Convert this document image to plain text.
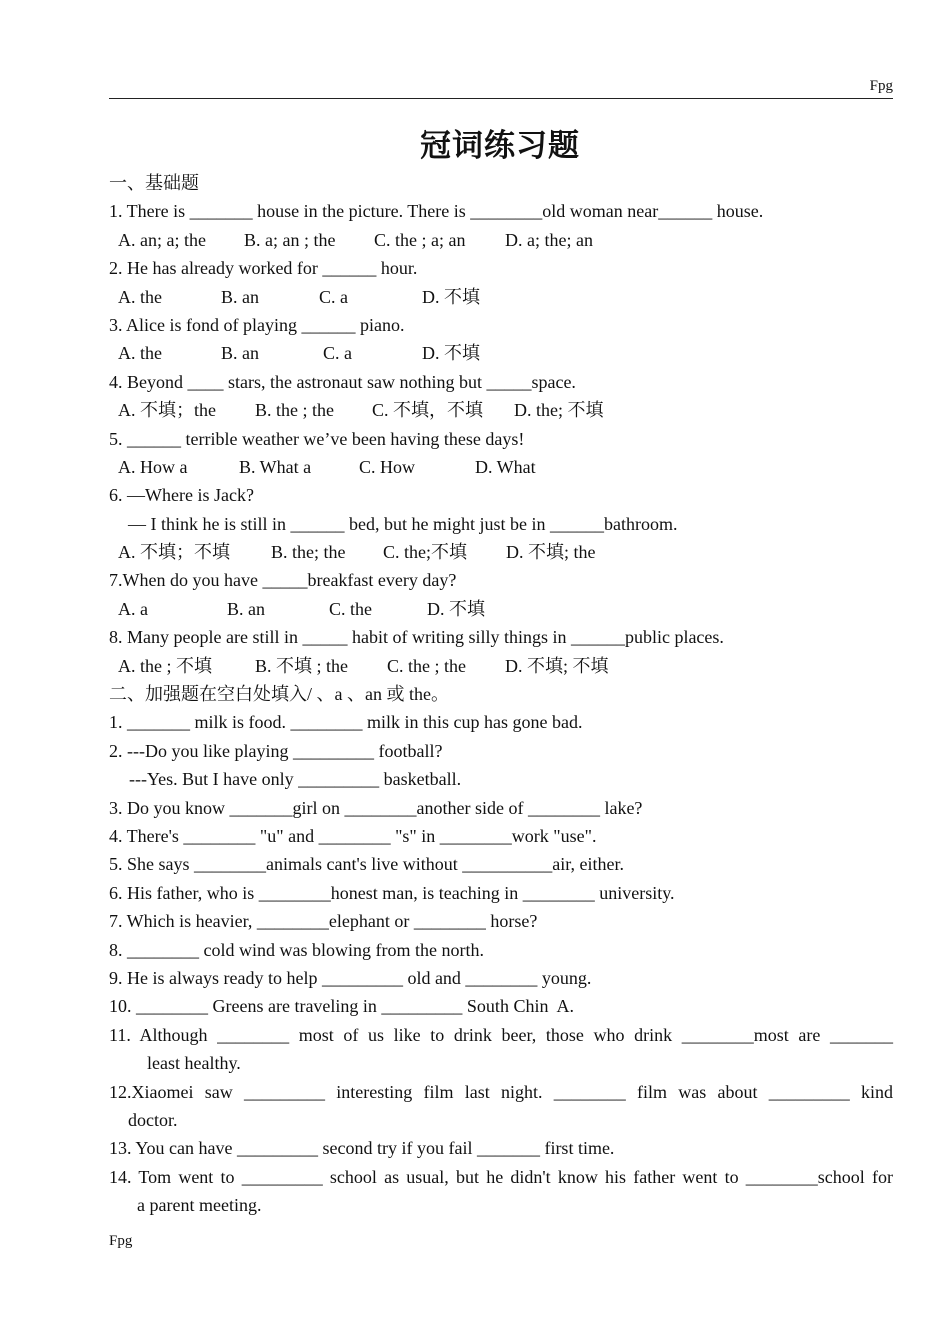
Fpg
冠词练习题
一、基础题
1. There is _______ house in the picture. There is ________old woman near______ house.

A. an; a; the

B. a; an ; the

C. the ; a; an

D. a; the; an

2. He has already worked for ______ hour.

A. the

	B. an

	C. a

	D. 不填

3. Alice is fond of playing ______ piano.

A. the

	B. an

	C. a

	D. 不填

4. Beyond ____ stars, the astronaut saw nothing but _____space.

A. 不填；the

B. the ; the

C. 不填，不填

D. the; 不填

5. ______ terrible weather we’ve been having these days!

A. How a

	B. What a

	C. How

	D. What

6. —Where is Jack?
— I think he is still in ______ bed, but he might just be in ______bathroom.

A. 不填；不填

B. the; the

C. the;不填

D. 不填; the

7.When do you have _____breakfast every day?

A. a

	B. an

	C. the

	D. 不填

8. Many people are still in _____ habit of writing silly things in ______public places.

A. the ; 不填

B. 不填 ; the

C. the ; the

D. 不填; 不填

二、加强题在空白处填入/ 、a 、an 或 the。
1. _______ milk is food. ________ milk in this cup has gone bad.
2. ---Do you like playing _________ football?
---Yes. But I have only _________ basketball.
3. Do you know _______girl on ________another side of ________ lake?
4. There's ________ "u" and ________ "s" in ________work "use".
5. She says ________animals cant's live without __________air, either.
6. His father, who is ________honest man, is teaching in ________ university.
7. Which is heavier, ________elephant or ________ horse?
8. ________ cold wind was blowing from the north.
9. He is always ready to help _________ old and ________ young.
10. ________ Greens are traveling in _________ South Chin  A.
11. Although ________ most of us like to drink beer, those who drink ________most are _______
least healthy.
12.Xiaomei saw _________ interesting film last night. ________ film was about _________ kind
doctor.
13. You can have _________ second try if you fail _______ first time.
14. Tom went to _________ school as usual, but he didn't know his father went to ________school for
a parent meeting.
Fpg
